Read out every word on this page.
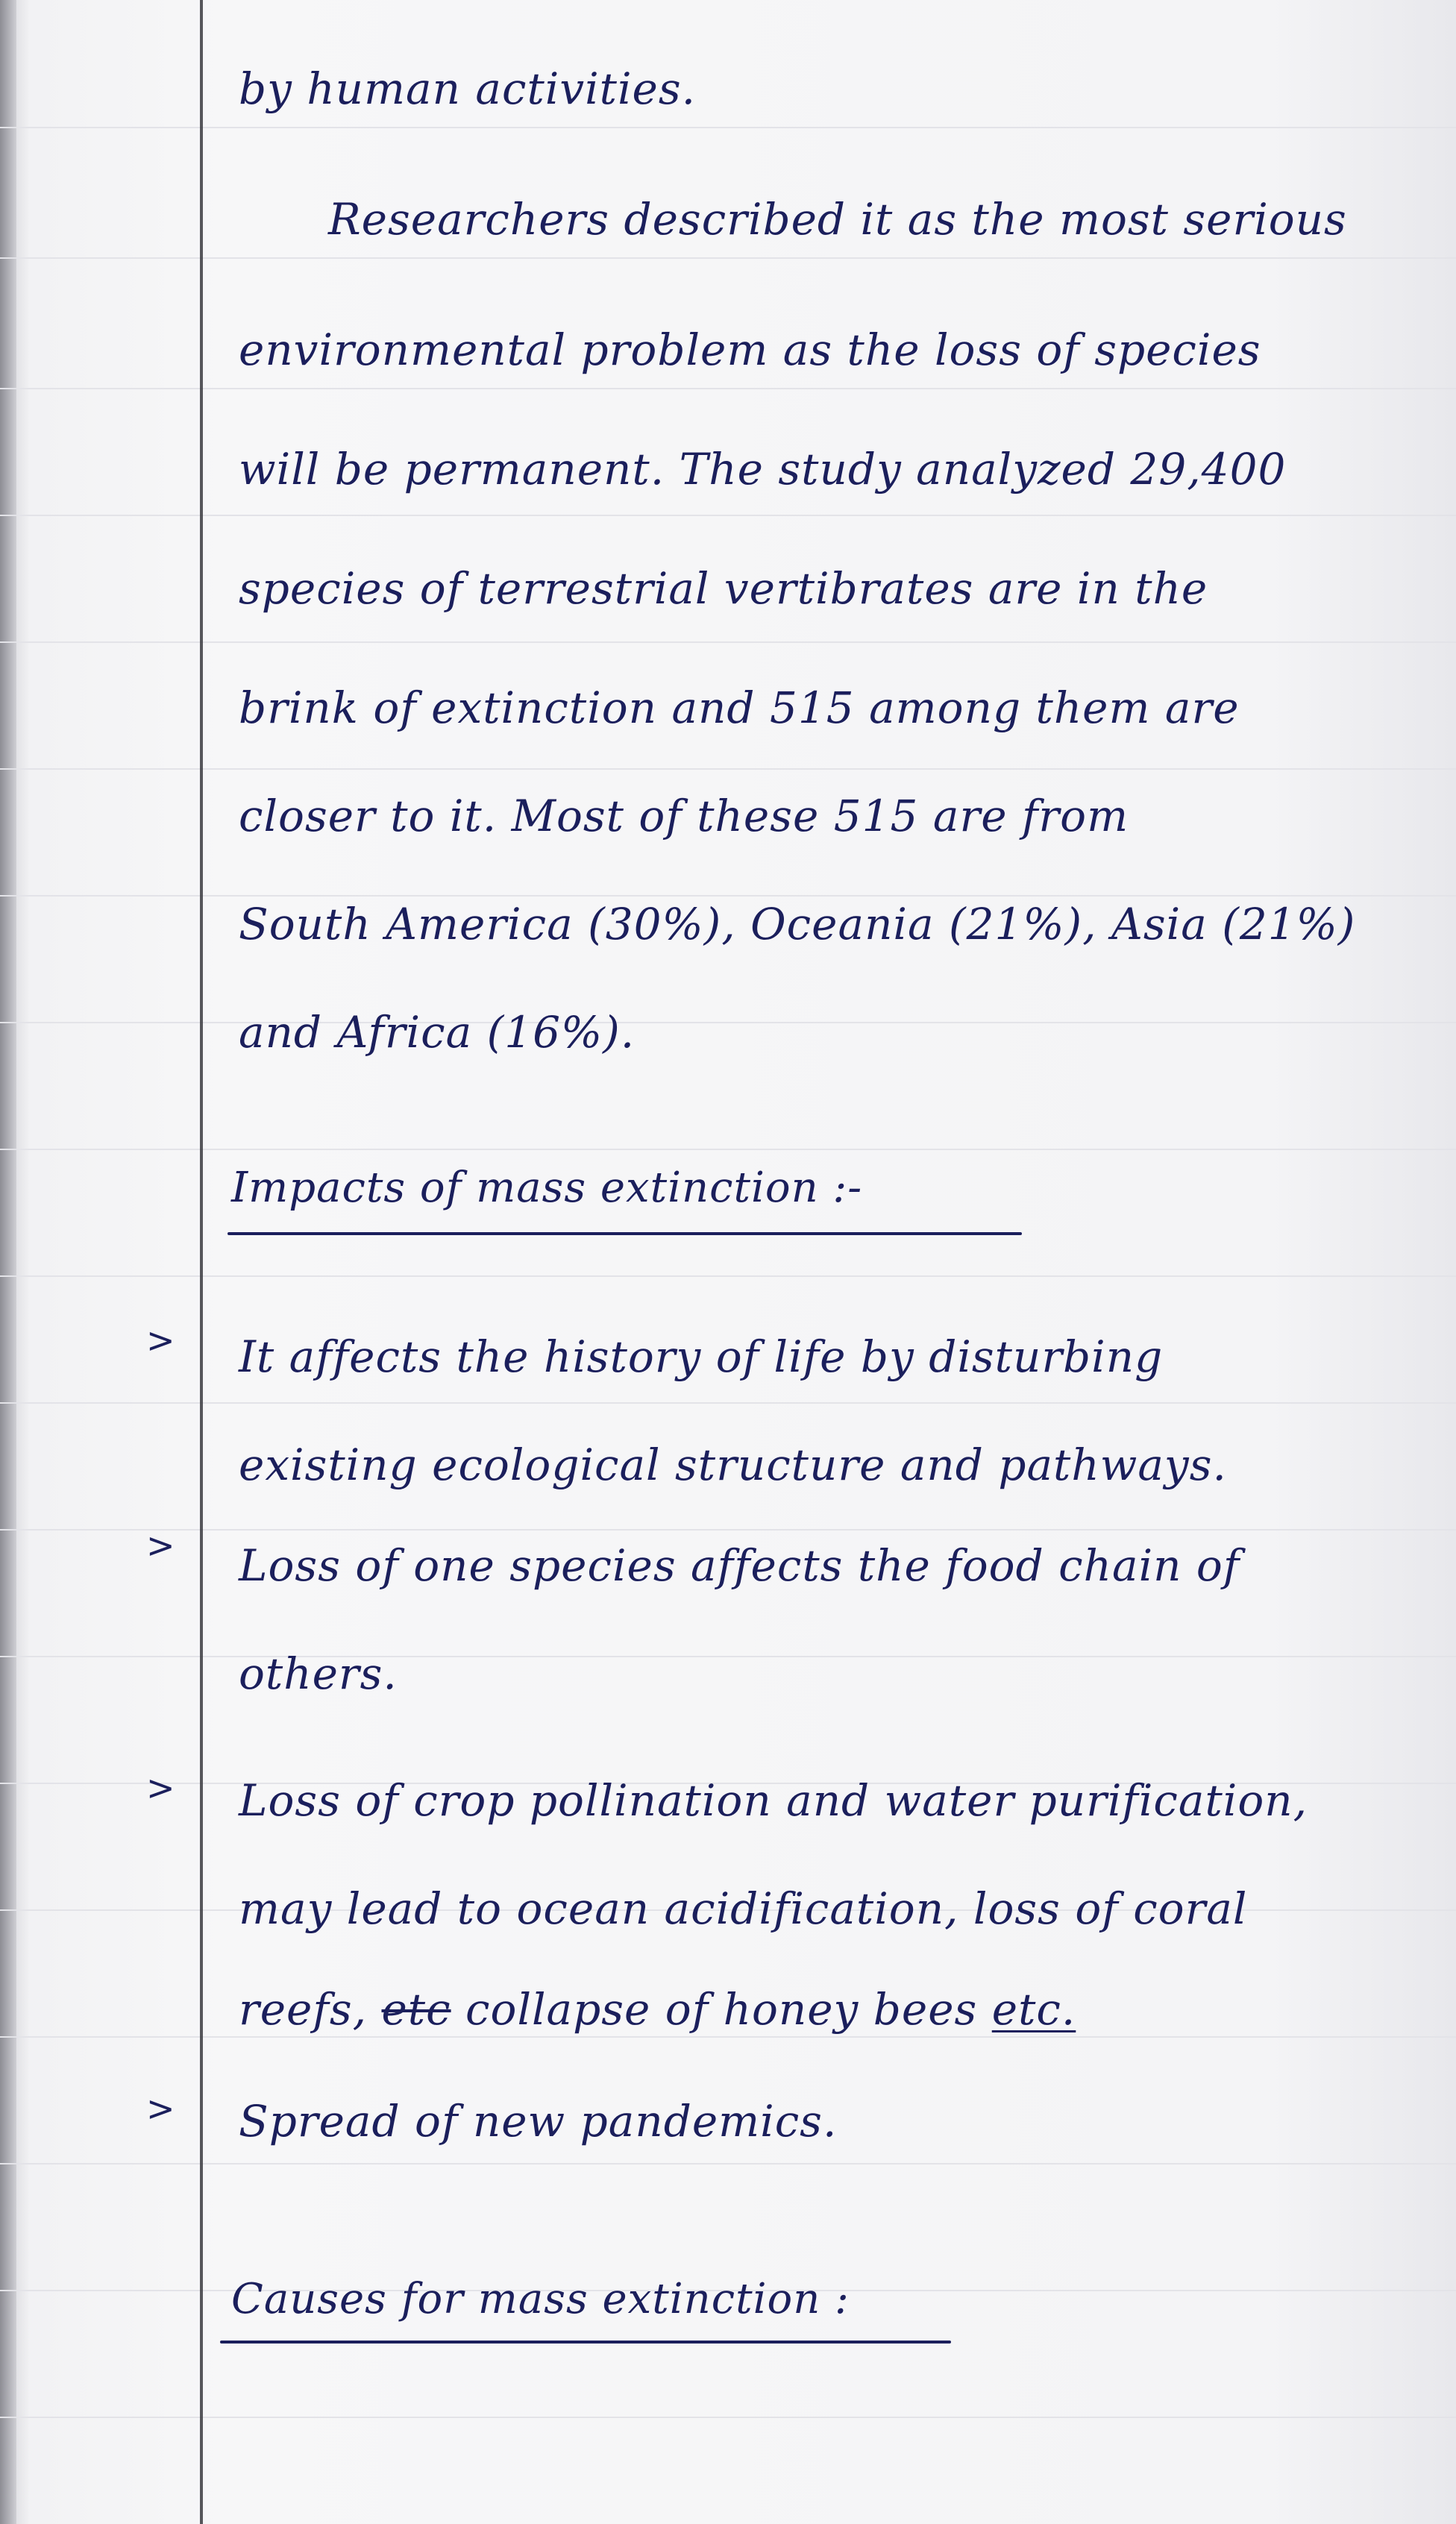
by human activities.
Researchers described it as the most serious
environmental problem as the loss of species
will be permanent. The study analyzed 29,400
species of terrestrial vertibrates are in the
brink of extinction and 515 among them are
closer to it. Most of these 515 are from
South America (30%), Oceania (21%), Asia (21%)
and Africa (16%).
Impacts of mass extinction :-
> It affects the history of life by disturbing
existing ecological structure and pathways.
> Loss of one species affects the food chain of
others.
> Loss of crop pollination and water purification,
may lead to ocean acidification, loss of coral
reefs, etc collapse of honey bees etc.
> Spread of new pandemics.
Causes for mass extinction :
